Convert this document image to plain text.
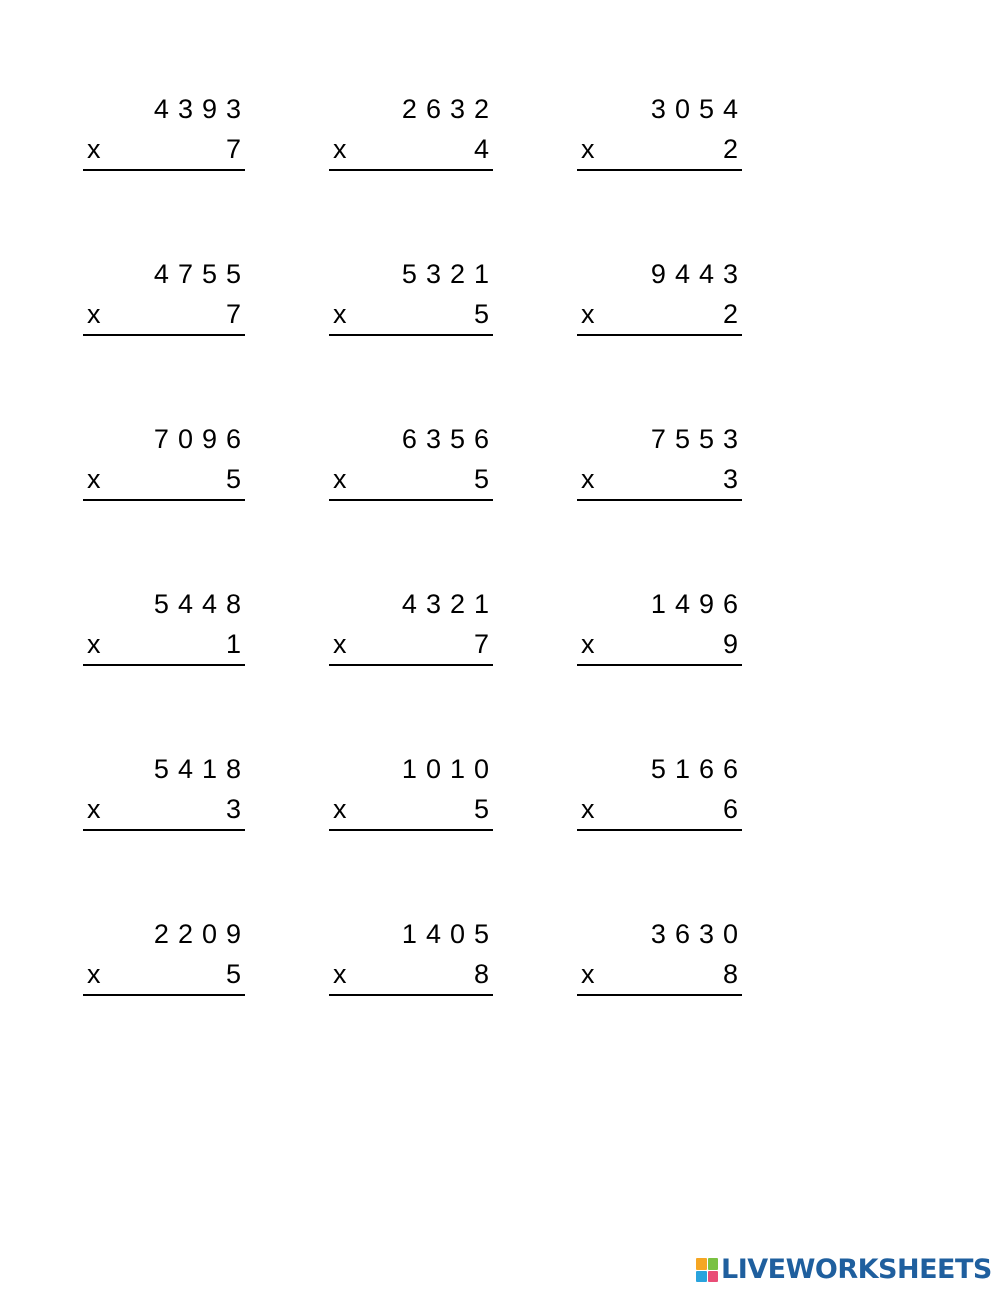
4393
x	7
2632
x	4
3054
x	2
4755
x	7
5321
x	5
9443
x	2
7096
x	5
6356
x	5
7553
x	3
5448
x	1
4321
x	7
1496
x	9
5418
x	3
1010
x	5
5166
x	6
2209
x	5
1405
x	8
3630
x	8
LIVEWORKSHEETS
